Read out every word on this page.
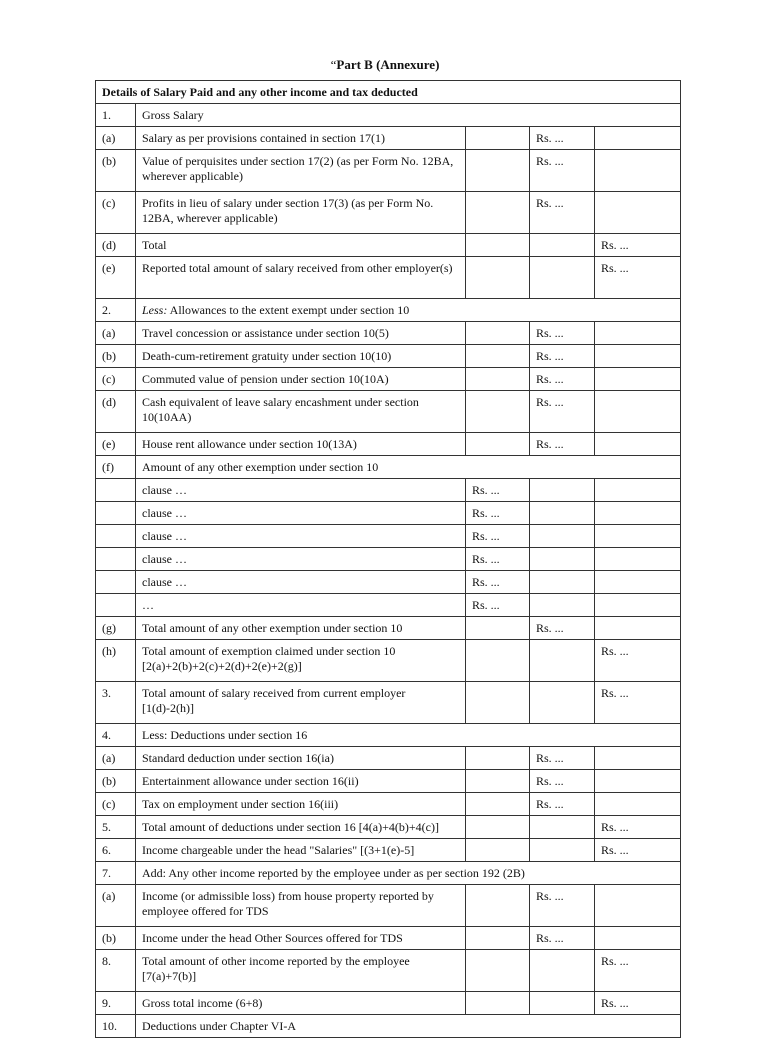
“Part B (Annexure)
Details of Salary Paid and any other income and tax deducted				
1.	Gross Salary			
(a)	Salary as per provisions contained in section 17(1)		Rs. ...	
(b)	Value of perquisites under section 17(2) (as per Form No. 12BA, wherever applicable)		Rs. ...	
(c)	Profits in lieu of salary under section 17(3) (as per Form No. 12BA, wherever applicable)		Rs. ...	
(d)	Total			Rs. ...
(e)	Reported total amount of salary received from other employer(s)			Rs. ...
2.	Less: Allowances to the extent exempt under section 10			
(a)	Travel concession or assistance under section 10(5)		Rs. ...	
(b)	Death-cum-retirement gratuity under section 10(10)		Rs. ...	
(c)	Commuted value of pension under section 10(10A)		Rs. ...	
(d)	Cash equivalent of leave salary encashment under section 10(10AA)		Rs. ...	
(e)	House rent allowance under section 10(13A)		Rs. ...	
(f)	Amount of any other exemption under section 10			
	clause …	Rs. ...		
	clause …	Rs. ...		
	clause …	Rs. ...		
	clause …	Rs. ...		
	clause …	Rs. ...		
	…	Rs. ...		
(g)	Total amount of any other exemption under section 10		Rs. ...	
(h)	Total amount of exemption claimed under section 10 [2(a)+2(b)+2(c)+2(d)+2(e)+2(g)]			Rs. ...
3.	Total amount of salary received from current employer [1(d)-2(h)]			Rs. ...
4.	Less: Deductions under section 16			
(a)	Standard deduction under section 16(ia)		Rs. ...	
(b)	Entertainment allowance under section 16(ii)		Rs. ...	
(c)	Tax on employment under section 16(iii)		Rs. ...	
5.	Total amount of deductions under section 16 [4(a)+4(b)+4(c)]			Rs. ...
6.	Income chargeable under the head "Salaries" [(3+1(e)-5]			Rs. ...
7.	Add: Any other income reported by the employee under as per section 192 (2B)			
(a)	Income (or admissible loss) from house property reported by employee offered for TDS		Rs. ...	
(b)	Income under the head Other Sources offered for TDS		Rs. ...	
8.	Total amount of other income reported by the employee [7(a)+7(b)]			Rs. ...
9.	Gross total income (6+8)			Rs. ...
10.	Deductions under Chapter VI-A			
